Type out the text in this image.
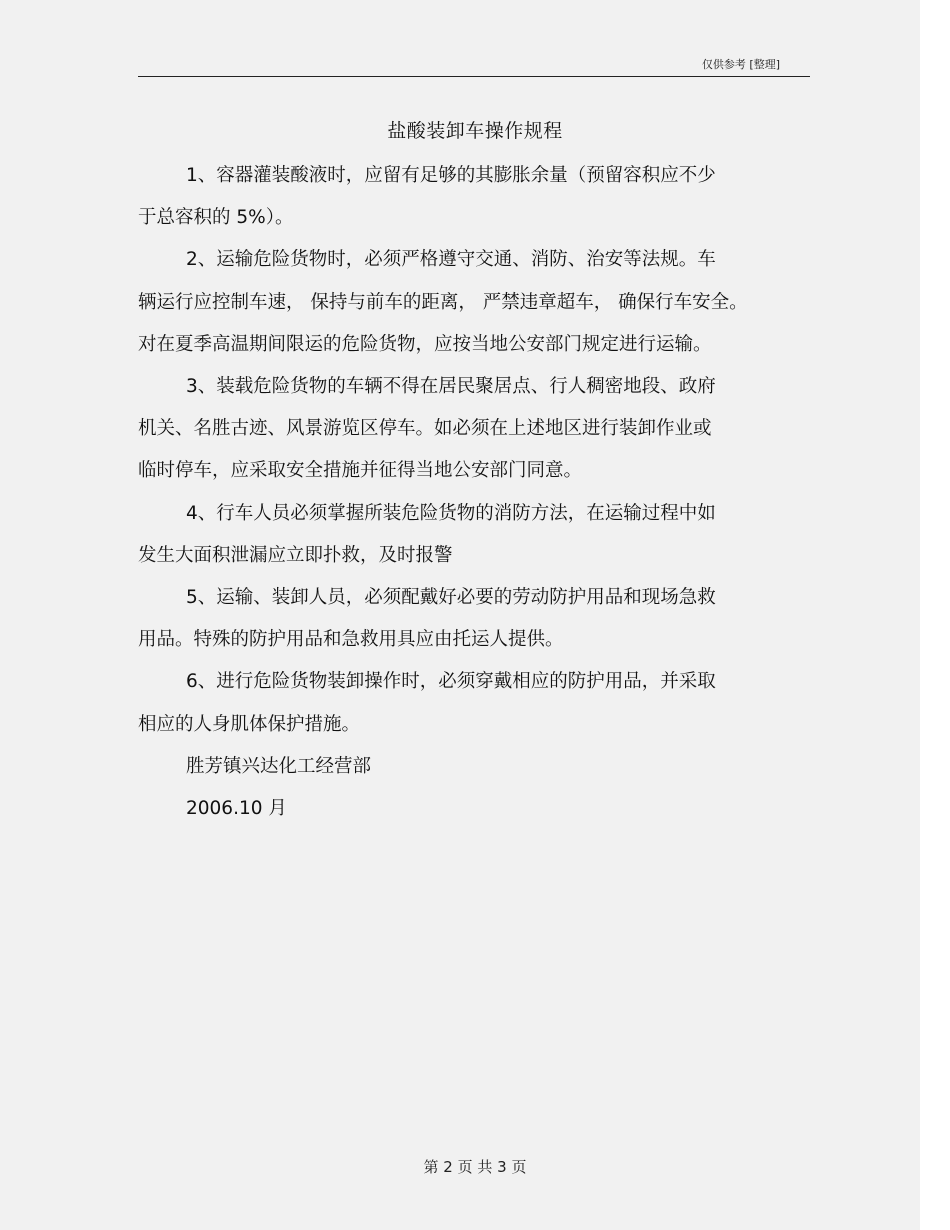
仅供参考 [整理]
盐酸装卸车操作规程

1、容器灌装酸液时，应留有足够的其膨胀余量（预留容积应不少
于总容积的 5%）。

2、运输危险货物时，必须严格遵守交通、消防、治安等法规。车
辆运行应控制车速， 保持与前车的距离， 严禁违章超车， 确保行车安全。
对在夏季高温期间限运的危险货物，应按当地公安部门规定进行运输。

3、装载危险货物的车辆不得在居民聚居点、行人稠密地段、政府
机关、名胜古迹、风景游览区停车。如必须在上述地区进行装卸作业或
临时停车，应采取安全措施并征得当地公安部门同意。

4、行车人员必须掌握所装危险货物的消防方法，在运输过程中如
发生大面积泄漏应立即扑救，及时报警

5、运输、装卸人员，必须配戴好必要的劳动防护用品和现场急救
用品。特殊的防护用品和急救用具应由托运人提供。

6、进行危险货物装卸操作时，必须穿戴相应的防护用品，并采取
相应的人身肌体保护措施。

胜芳镇兴达化工经营部

2006.10 月

第 2 页 共 3 页
